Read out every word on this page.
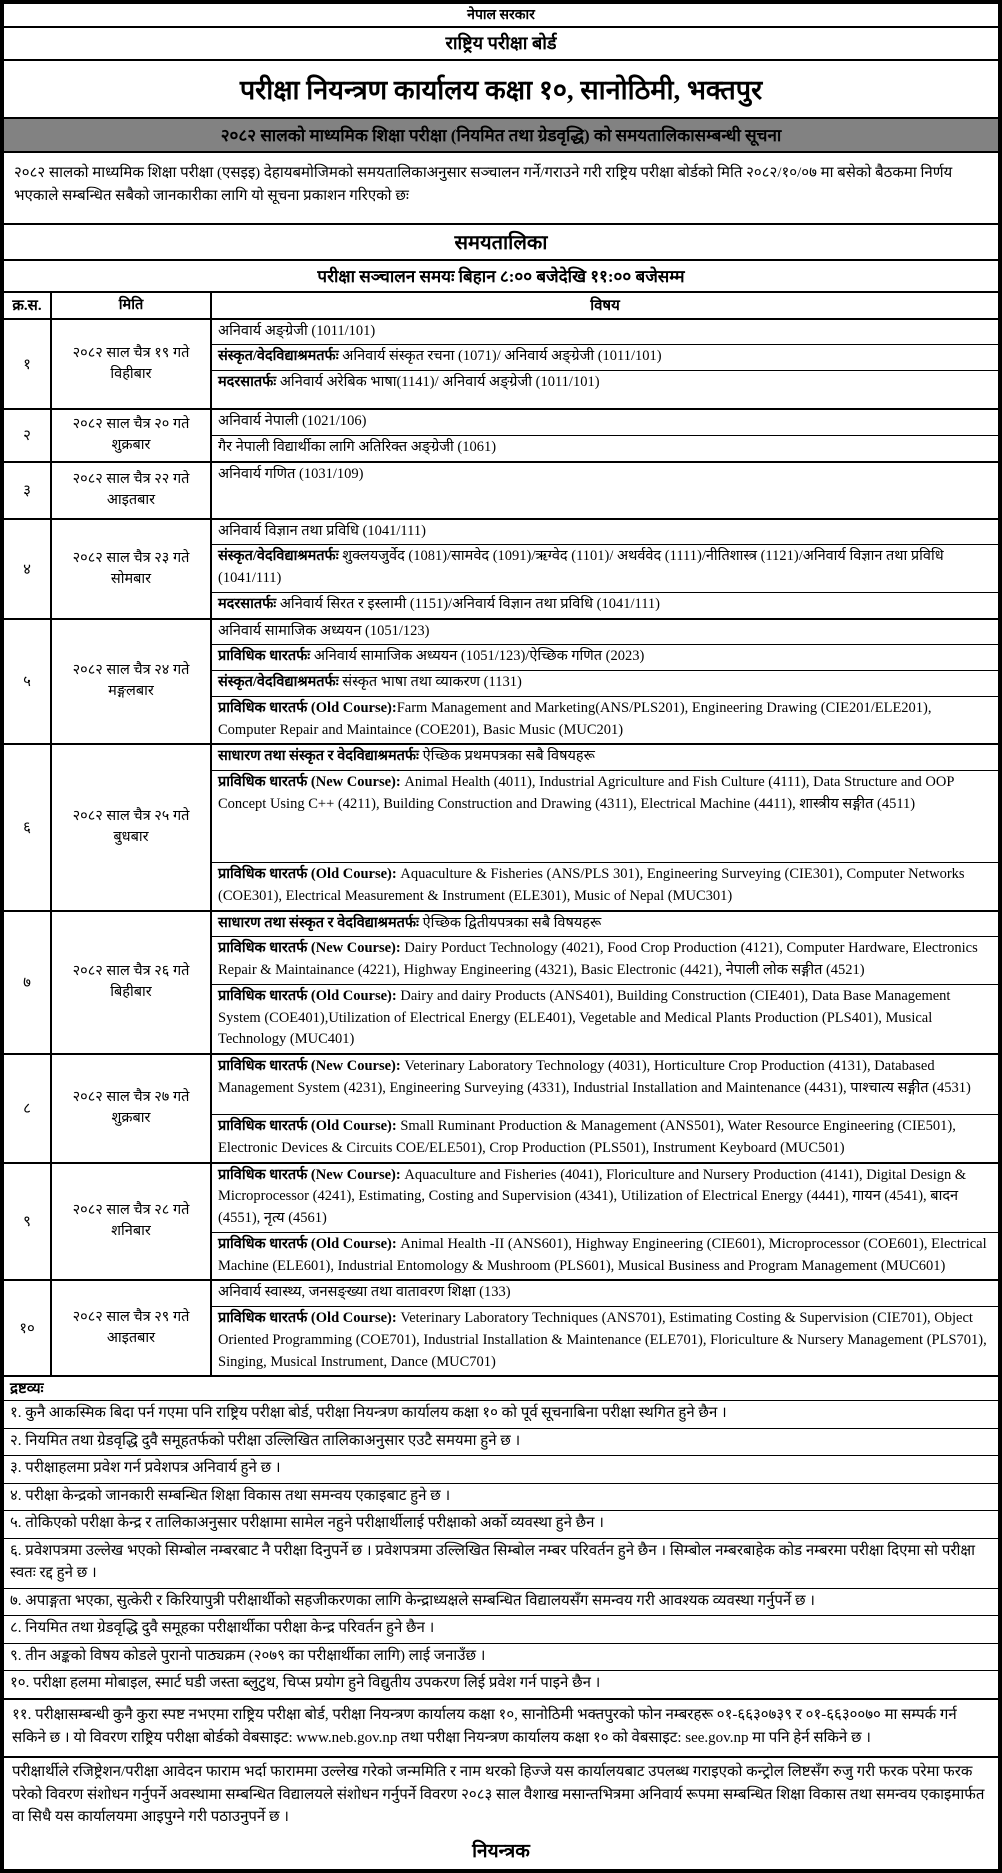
नेपाल सरकार
राष्ट्रिय परीक्षा बोर्ड
परीक्षा नियन्त्रण कार्यालय कक्षा १०, सानोठिमी, भक्तपुर
२०८२ सालको माध्यमिक शिक्षा परीक्षा (नियमित तथा ग्रेडवृद्धि) को समयतालिकासम्बन्धी सूचना
२०८२ सालको माध्यमिक शिक्षा परीक्षा (एसइइ) देहायबमोजिमको समयतालिकाअनुसार सञ्चालन गर्ने/गराउने गरी राष्ट्रिय परीक्षा बोर्डको मिति २०८२/१०/०७ मा बसेको बैठकमा निर्णय भएकाले सम्बन्धित सबैको जानकारीका लागि यो सूचना प्रकाशन गरिएको छः
समयतालिका
परीक्षा सञ्चालन समयः बिहान ८:०० बजेदेखि ११:०० बजेसम्म
क्र.स.	मिति	विषय
१
२०८२ साल चैत्र १९ गते
विहीबार
अनिवार्य अङ्ग्रेजी (1011/101)
संस्कृत/वेदविद्याश्रमतर्फः अनिवार्य संस्कृत रचना (1071)/ अनिवार्य अङ्ग्रेजी (1011/101)
मदरसातर्फः अनिवार्य अरेबिक भाषा(1141)/ अनिवार्य अङ्ग्रेजी (1011/101)
२
२०८२ साल चैत्र २० गते
शुक्रबार
अनिवार्य नेपाली (1021/106)
गैर नेपाली विद्यार्थीका लागि अतिरिक्त अङ्ग्रेजी (1061)
३
२०८२ साल चैत्र २२ गते
आइतबार
अनिवार्य गणित (1031/109)
४
२०८२ साल चैत्र २३ गते
सोमबार
अनिवार्य विज्ञान तथा प्रविधि (1041/111)
संस्कृत/वेदविद्याश्रमतर्फः शुक्लयजुर्वेद (1081)/सामवेद (1091)/ऋग्वेद (1101)/ अथर्ववेद (1111)/नीतिशास्त्र (1121)/अनिवार्य विज्ञान तथा प्रविधि (1041/111)
मदरसातर्फः अनिवार्य सिरत र इस्लामी (1151)/अनिवार्य विज्ञान तथा प्रविधि (1041/111)
५
२०८२ साल चैत्र २४ गते
मङ्गलबार
अनिवार्य सामाजिक अध्ययन (1051/123)
प्राविधिक धारतर्फः अनिवार्य सामाजिक अध्ययन (1051/123)/ऐच्छिक गणित (2023)
संस्कृत/वेदविद्याश्रमतर्फः संस्कृत भाषा तथा व्याकरण (1131)
प्राविधिक धारतर्फ (Old Course):Farm Management and Marketing(ANS/PLS201), Engineering Drawing (CIE201/ELE201), Computer Repair and Maintaince (COE201), Basic Music (MUC201)
६
२०८२ साल चैत्र २५ गते
बुधबार
साधारण तथा संस्कृत र वेदविद्याश्रमतर्फः ऐच्छिक प्रथमपत्रका सबै विषयहरू
प्राविधिक धारतर्फ (New Course): Animal Health (4011), Industrial Agriculture and Fish Culture (4111), Data Structure and OOP Concept Using C++ (4211), Building Construction and Drawing (4311), Electrical Machine (4411), शास्त्रीय सङ्गीत (4511)
प्राविधिक धारतर्फ (Old Course): Aquaculture & Fisheries (ANS/PLS 301), Engineering Surveying (CIE301), Computer Networks (COE301), Electrical Measurement & Instrument (ELE301), Music of Nepal (MUC301)
७
२०८२ साल चैत्र २६ गते
बिहीबार
साधारण तथा संस्कृत र वेदविद्याश्रमतर्फः ऐच्छिक द्वितीयपत्रका सबै विषयहरू
प्राविधिक धारतर्फ (New Course): Dairy Porduct Technology (4021), Food Crop Production (4121), Computer Hardware, Electronics Repair & Maintainance (4221), Highway Engineering (4321), Basic Electronic (4421), नेपाली लोक सङ्गीत (4521)
प्राविधिक धारतर्फ (Old Course): Dairy and dairy Products (ANS401), Building Construction (CIE401), Data Base Management System (COE401),Utilization of Electrical Energy (ELE401), Vegetable and Medical Plants Production (PLS401), Musical Technology (MUC401)
८
२०८२ साल चैत्र २७ गते
शुक्रबार
प्राविधिक धारतर्फ (New Course): Veterinary Laboratory Technology (4031), Horticulture Crop Production (4131), Databased Management System (4231), Engineering Surveying (4331), Industrial Installation and Maintenance (4431), पाश्चात्य सङ्गीत (4531)
प्राविधिक धारतर्फ (Old Course): Small Ruminant Production & Management (ANS501), Water Resource Engineering (CIE501), Electronic Devices & Circuits COE/ELE501), Crop Production (PLS501), Instrument Keyboard (MUC501)
९
२०८२ साल चैत्र २८ गते
शनिबार
प्राविधिक धारतर्फ (New Course): Aquaculture and Fisheries (4041), Floriculture and Nursery Production (4141), Digital Design & Microprocessor (4241), Estimating, Costing and Supervision (4341), Utilization of Electrical Energy (4441), गायन (4541), बादन (4551), नृत्य (4561)
प्राविधिक धारतर्फ (Old Course): Animal Health -II (ANS601), Highway Engineering (CIE601), Microprocessor (COE601), Electrical Machine (ELE601), Industrial Entomology & Mushroom (PLS601), Musical Business and Program Management (MUC601)
१०
२०८२ साल चैत्र २९ गते
आइतबार
अनिवार्य स्वास्थ्य, जनसङ्ख्या तथा वातावरण शिक्षा (133)
प्राविधिक धारतर्फ (Old Course): Veterinary Laboratory Techniques (ANS701), Estimating Costing & Supervision (CIE701), Object Oriented Programming (COE701), Industrial Installation & Maintenance (ELE701), Floriculture & Nursery Management (PLS701), Singing, Musical Instrument, Dance (MUC701)
द्रष्टव्यः
१. कुनै आकस्मिक बिदा पर्न गएमा पनि राष्ट्रिय परीक्षा बोर्ड, परीक्षा नियन्त्रण कार्यालय कक्षा १० को पूर्व सूचनाबिना परीक्षा स्थगित हुने छैन ।
२. नियमित तथा ग्रेडवृद्धि दुवै समूहतर्फको परीक्षा उल्लिखित तालिकाअनुसार एउटै समयमा हुने छ ।
३. परीक्षाहलमा प्रवेश गर्न प्रवेशपत्र अनिवार्य हुने छ ।
४. परीक्षा केन्द्रको जानकारी सम्बन्धित शिक्षा विकास तथा समन्वय एकाइबाट हुने छ ।
५. तोकिएको परीक्षा केन्द्र र तालिकाअनुसार परीक्षामा सामेल नहुने परीक्षार्थीलाई परीक्षाको अर्को व्यवस्था हुने छैन ।
६. प्रवेशपत्रमा उल्लेख भएको सिम्बोल नम्बरबाट नै परीक्षा दिनुपर्ने छ । प्रवेशपत्रमा उल्लिखित सिम्बोल नम्बर परिवर्तन हुने छैन । सिम्बोल नम्बरबाहेक कोड नम्बरमा परीक्षा दिएमा सो परीक्षा स्वतः रद्द हुने छ ।
७. अपाङ्गता भएका, सुत्केरी र किरियापुत्री परीक्षार्थीको सहजीकरणका लागि केन्द्राध्यक्षले सम्बन्धित विद्यालयसँग समन्वय गरी आवश्यक व्यवस्था गर्नुपर्ने छ ।
८. नियमित तथा ग्रेडवृद्धि दुवै समूहका परीक्षार्थीका परीक्षा केन्द्र परिवर्तन हुने छैन ।
९. तीन अङ्कको विषय कोडले पुरानो पाठ्यक्रम (२०७९ का परीक्षार्थीका लागि) लाई जनाउँछ ।
१०. परीक्षा हलमा मोबाइल, स्मार्ट घडी जस्ता ब्लुटुथ, चिप्स प्रयोग हुने विद्युतीय उपकरण लिई प्रवेश गर्न पाइने छैन ।
११. परीक्षासम्बन्धी कुनै कुरा स्पष्ट नभएमा राष्ट्रिय परीक्षा बोर्ड, परीक्षा नियन्त्रण कार्यालय कक्षा १०, सानोठिमी भक्तपुरको फोन नम्बरहरू ०१-६६३०७३९ र ०१-६६३००७० मा सम्पर्क गर्न सकिने छ । यो विवरण राष्ट्रिय परीक्षा बोर्डको वेबसाइट: www.neb.gov.np तथा परीक्षा नियन्त्रण कार्यालय कक्षा १० को वेबसाइट: see.gov.np मा पनि हेर्न सकिने छ ।
परीक्षार्थीले रजिष्ट्रेशन/परीक्षा आवेदन फाराम भर्दा फाराममा उल्लेख गरेको जन्ममिति र नाम थरको हिज्जे यस कार्यालयबाट उपलब्ध गराइएको कन्ट्रोल लिष्टसँग रुजु गरी फरक परेमा फरक परेको विवरण संशोधन गर्नुपर्ने अवस्थामा सम्बन्धित विद्यालयले संशोधन गर्नुपर्ने विवरण २०८३ साल वैशाख मसान्तभित्रमा अनिवार्य रूपमा सम्बन्धित शिक्षा विकास तथा समन्वय एकाइमार्फत वा सिधै यस कार्यालयमा आइपुग्ने गरी पठाउनुपर्ने छ ।
नियन्त्रक
